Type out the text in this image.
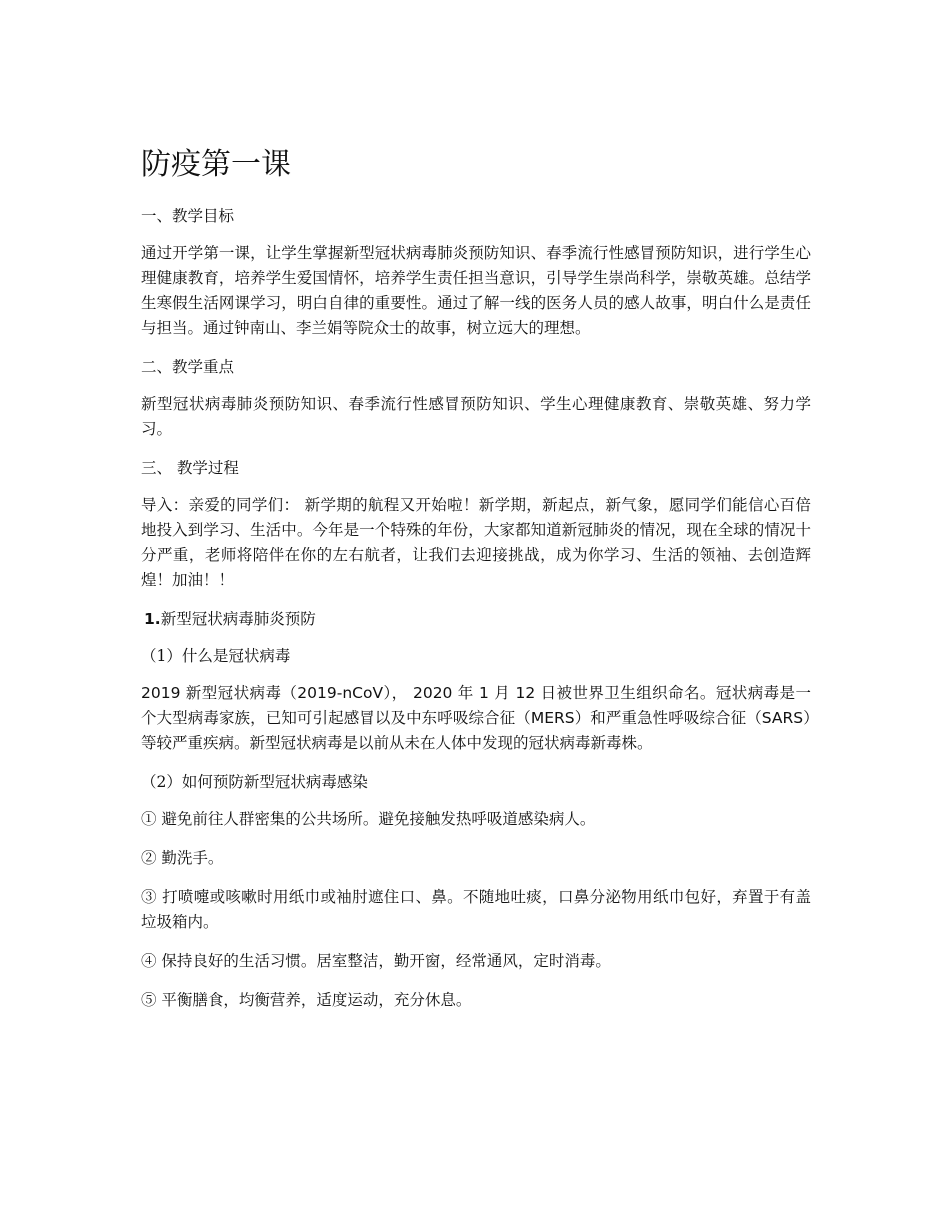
防疫第一课
一、教学目标
通过开学第一课，让学生掌握新型冠状病毒肺炎预防知识、春季流行性感冒预防知识，进行学生心理健康教育，培养学生爱国情怀，培养学生责任担当意识，引导学生崇尚科学，崇敬英雄。总结学生寒假生活网课学习，明白自律的重要性。通过了解一线的医务人员的感人故事，明白什么是责任与担当。通过钟南山、李兰娟等院众士的故事，树立远大的理想。
二、教学重点
新型冠状病毒肺炎预防知识、春季流行性感冒预防知识、学生心理健康教育、崇敬英雄、努力学习。
三、 教学过程
导入：亲爱的同学们： 新学期的航程又开始啦！新学期，新起点，新气象，愿同学们能信心百倍地投入到学习、生活中。今年是一个特殊的年份，大家都知道新冠肺炎的情况，现在全球的情况十分严重，老师将陪伴在你的左右航者，让我们去迎接挑战，成为你学习、生活的领袖、去创造辉煌！加油！！
1.新型冠状病毒肺炎预防
（1）什么是冠状病毒
2019 新型冠状病毒（2019-nCoV）， 2020 年 1 月 12 日被世界卫生组织命名。冠状病毒是一个大型病毒家族，已知可引起感冒以及中东呼吸综合征（MERS）和严重急性呼吸综合征（SARS）等较严重疾病。新型冠状病毒是以前从未在人体中发现的冠状病毒新毒株。
（2）如何预防新型冠状病毒感染
① 避免前往人群密集的公共场所。避免接触发热呼吸道感染病人。
② 勤洗手。
③ 打喷嚏或咳嗽时用纸巾或袖肘遮住口、鼻。不随地吐痰，口鼻分泌物用纸巾包好，弃置于有盖垃圾箱内。
④ 保持良好的生活习惯。居室整洁，勤开窗，经常通风，定时消毒。
⑤ 平衡膳食，均衡营养，适度运动，充分休息。
